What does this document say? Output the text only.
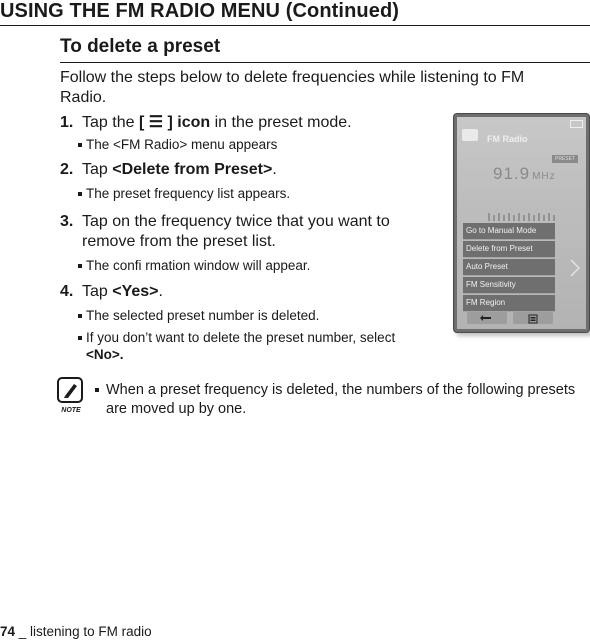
USING THE FM RADIO MENU (Continued)
To delete a preset
Follow the steps below to delete frequencies while listening to FM Radio.
1. Tap the [ ☰ ] icon in the preset mode.
The <FM Radio> menu appears
2. Tap <Delete from Preset>.
The preset frequency list appears.
3. Tap on the frequency twice that you want to
remove from the preset list.
The confi rmation window will appear.
4. Tap <Yes>.
The selected preset number is deleted.
If you don’t want to delete the preset number, select
<No>.
NOTE
When a preset frequency is deleted, the numbers of the following presets are moved up by one.
FM Radio
PRESET
91.9 MHz
Go to Manual Mode
Delete from Preset
Auto Preset
FM Sensitivity
FM Region
74 _ listening to FM radio
